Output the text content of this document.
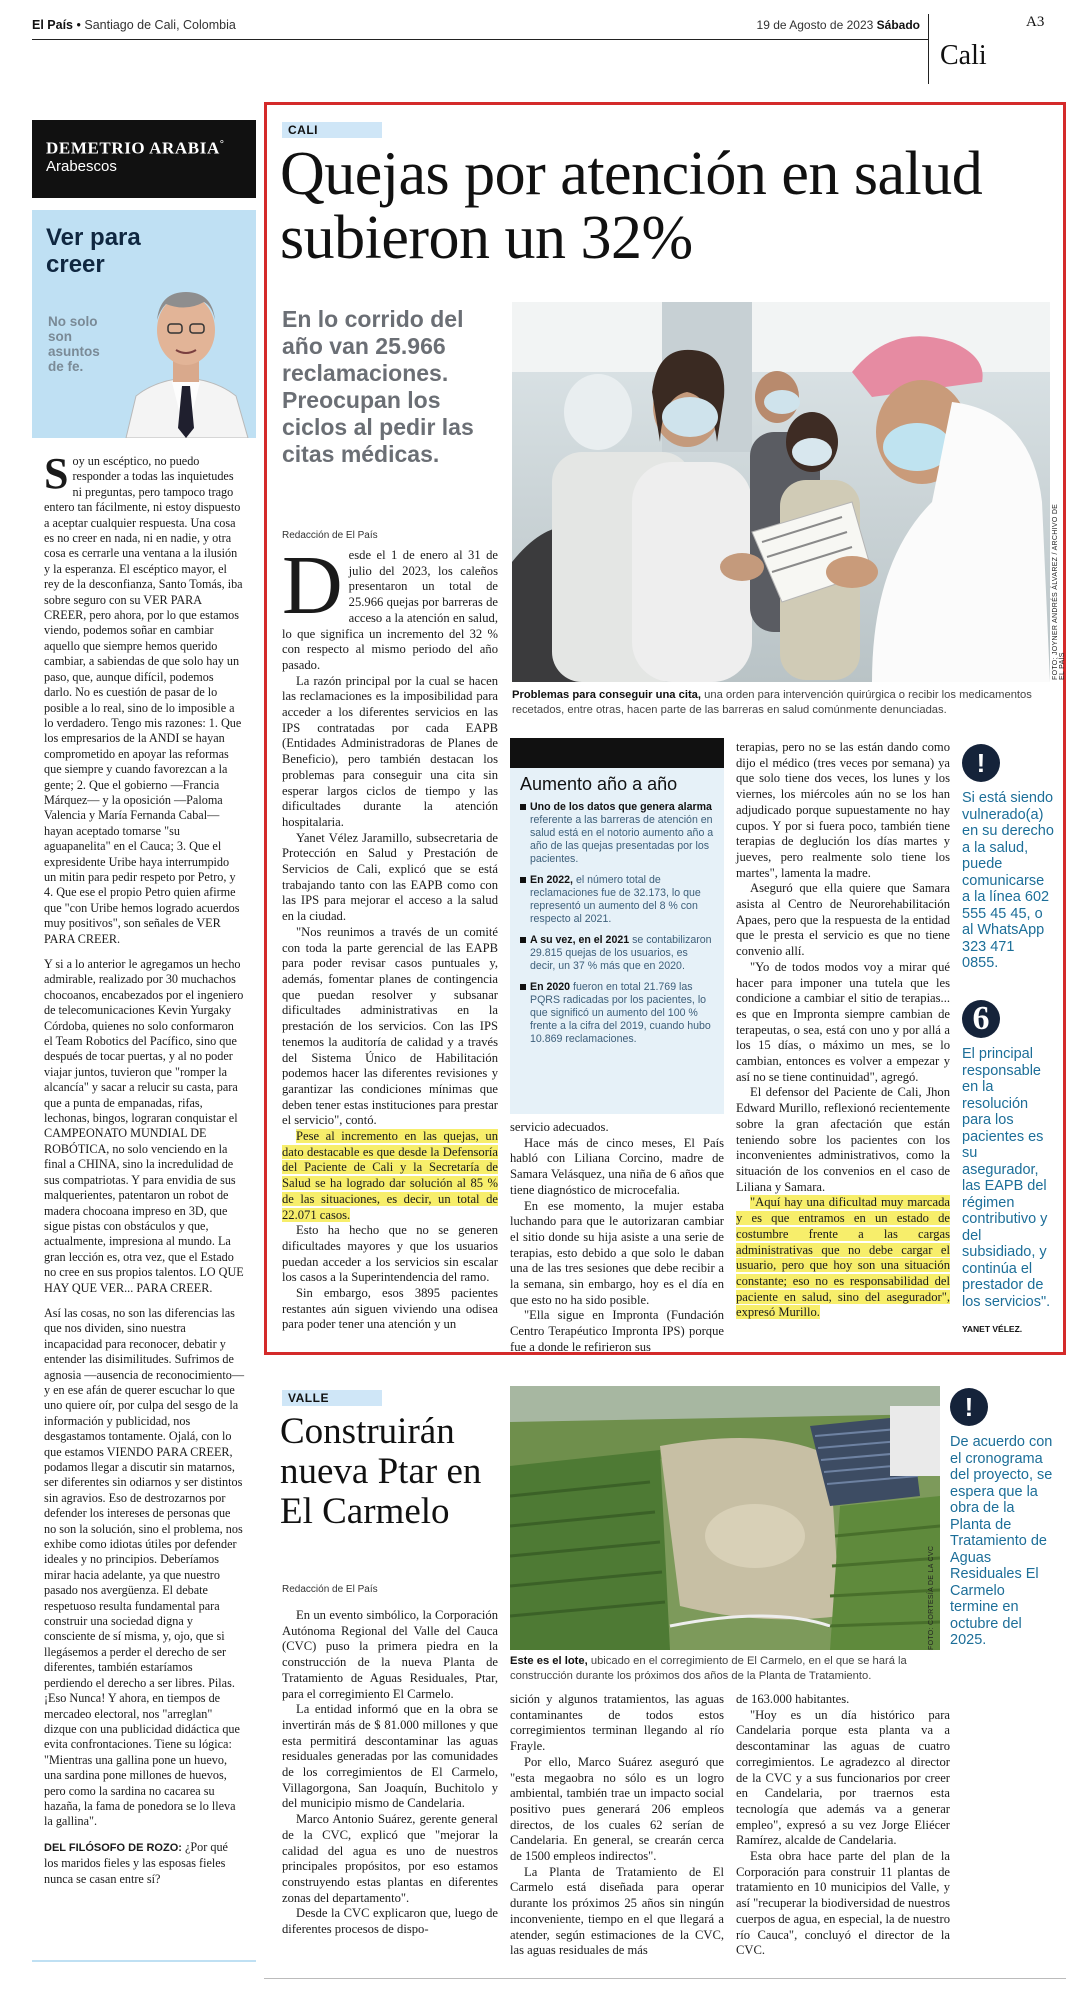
El País • Santiago de Cali, Colombia	19 de Agosto de 2023 Sábado	A3
Cali
DEMETRIO ARABIA°
Arabescos
Ver para creer
No solo son asuntos de fe.

Soy un escéptico, no puedo responder a todas las inquietudes ni preguntas, pero tampoco trago entero tan fácilmente, ni estoy dispuesto a aceptar cualquier respuesta. Una cosa es no creer en nada, ni en nadie, y otra cosa es cerrarle una ventana a la ilusión y la esperanza. El escéptico mayor, el rey de la desconfianza, Santo Tomás, iba sobre seguro con su VER PARA CREER, pero ahora, por lo que estamos viendo, podemos soñar en cambiar aquello que siempre hemos querido cambiar, a sabiendas de que solo hay un paso, que, aunque difícil, podemos darlo. No es cuestión de pasar de lo posible a lo real, sino de lo imposible a lo verdadero. Tengo mis razones: 1. Que los empresarios de la ANDI se hayan comprometido en apoyar las reformas que siempre y cuando favorezcan a la gente; 2. Que el gobierno —Francia Márquez— y la oposición —Paloma Valencia y María Fernanda Cabal— hayan aceptado tomarse "su aguapanelita" en el Cauca; 3. Que el expresidente Uribe haya interrumpido un mitin para pedir respeto por Petro, y 4. Que ese el propio Petro quien afirme que "con Uribe hemos logrado acuerdos muy positivos", son señales de VER PARA CREER.

Y si a lo anterior le agregamos un hecho admirable, realizado por 30 muchachos chocoanos, encabezados por el ingeniero de telecomunicaciones Kevin Yurgaky Córdoba, quienes no solo conformaron el Team Robotics del Pacífico, sino que después de tocar puertas, y al no poder viajar juntos, tuvieron que "romper la alcancía" y sacar a relucir su casta, para que a punta de empanadas, rifas, lechonas, bingos, lograran conquistar el CAMPEONATO MUNDIAL DE ROBÓTICA, no solo venciendo en la final a CHINA, sino la incredulidad de sus compatriotas. Y para envidia de sus malquerientes, patentaron un robot de madera chocoana impreso en 3D, que sigue pistas con obstáculos y que, actualmente, impresiona al mundo. La gran lección es, otra vez, que el Estado no cree en sus propios talentos. LO QUE HAY QUE VER... PARA CREER.

Así las cosas, no son las diferencias las que nos dividen, sino nuestra incapacidad para reconocer, debatir y entender las disimilitudes. Sufrimos de agnosia —ausencia de reconocimiento— y en ese afán de querer escuchar lo que uno quiere oír, por culpa del sesgo de la información y publicidad, nos desgastamos tontamente. Ojalá, con lo que estamos VIENDO PARA CREER, podamos llegar a discutir sin matarnos, ser diferentes sin odiarnos y ser distintos sin agravios. Eso de destrozarnos por defender los intereses de personas que no son la solución, sino el problema, nos exhibe como idiotas útiles por defender ideales y no principios. Deberíamos mirar hacia adelante, ya que nuestro pasado nos avergüenza. El debate respetuoso resulta fundamental para construir una sociedad digna y consciente de sí misma, y, ojo, que si llegásemos a perder el derecho de ser diferentes, también estaríamos perdiendo el derecho a ser libres. Pilas. ¡Eso Nunca! Y ahora, en tiempos de mercadeo electoral, nos "arreglan" dizque con una publicidad didáctica que evita confrontaciones. Tiene su lógica: "Mientras una gallina pone un huevo, una sardina pone millones de huevos, pero como la sardina no cacarea su hazaña, la fama de ponedora se lo lleva la gallina".

DEL FILÓSOFO DE ROZO: ¿Por qué los maridos fieles y las esposas fieles nunca se casan entre sí?

CALI
Quejas por atención en salud subieron un 32%
En lo corrido del año van 25.966 reclamaciones. Preocupan los ciclos al pedir las citas médicas.
FOTO: JOYNER ANDRÉS ÁLVAREZ / ARCHIVO DE EL PAÍS
Problemas para conseguir una cita, una orden para intervención quirúrgica o recibir los medicamentos recetados, entre otras, hacen parte de las barreras en salud comúnmente denunciadas.
Redacción de El País

Desde el 1 de enero al 31 de julio del 2023, los caleños presentaron un total de 25.966 quejas por barreras de acceso a la atención en salud, lo que significa un incremento del 32 % con respecto al mismo periodo del año pasado.

La razón principal por la cual se hacen las reclamaciones es la imposibilidad para acceder a los diferentes servicios en las IPS contratadas por cada EAPB (Entidades Administradoras de Planes de Beneficio), pero también destacan los problemas para conseguir una cita sin esperar largos ciclos de tiempo y las dificultades durante la atención hospitalaria.

Yanet Vélez Jaramillo, subsecretaria de Protección en Salud y Prestación de Servicios de Cali, explicó que se está trabajando tanto con las EAPB como con las IPS para mejorar el acceso a la salud en la ciudad.

"Nos reunimos a través de un comité con toda la parte gerencial de las EAPB para poder revisar casos puntuales y, además, fomentar planes de contingencia que puedan resolver y subsanar dificultades administrativas en la prestación de los servicios. Con las IPS tenemos la auditoría de calidad y a través del Sistema Único de Habilitación podemos hacer las diferentes revisiones y garantizar las condiciones mínimas que deben tener estas instituciones para prestar el servicio", contó.

Pese al incremento en las quejas, un dato destacable es que desde la Defensoría del Paciente de Cali y la Secretaría de Salud se ha logrado dar solución al 85 % de las situaciones, es decir, un total de 22.071 casos.

Esto ha hecho que no se generen dificultades mayores y que los usuarios puedan acceder a los servicios sin escalar los casos a la Superintendencia del ramo.

Sin embargo, esos 3895 pacientes restantes aún siguen viviendo una odisea para poder tener una atención y un

Aumento año a año
Uno de los datos que genera alarma referente a las barreras de atención en salud está en el notorio aumento año a año de las quejas presentadas por los pacientes.
En 2022, el número total de reclamaciones fue de 32.173, lo que representó un aumento del 8 % con respecto al 2021.
A su vez, en el 2021 se contabilizaron 29.815 quejas de los usuarios, es decir, un 37 % más que en 2020.
En 2020 fueron en total 21.769 las PQRS radicadas por los pacientes, lo que significó un aumento del 100 % frente a la cifra del 2019, cuando hubo 10.869 reclamaciones.

servicio adecuados.

Hace más de cinco meses, El País habló con Liliana Corcino, madre de Samara Velásquez, una niña de 6 años que tiene diagnóstico de microcefalia.

En ese momento, la mujer estaba luchando para que le autorizaran cambiar el sitio donde su hija asiste a una serie de terapias, esto debido a que solo le daban una de las tres sesiones que debe recibir a la semana, sin embargo, hoy es el día en que esto no ha sido posible.

"Ella sigue en Impronta (Fundación Centro Terapéutico Impronta IPS) porque fue a donde le refirieron sus

terapias, pero no se las están dando como dijo el médico (tres veces por semana) ya que solo tiene dos veces, los lunes y los viernes, los miércoles aún no se los han adjudicado porque supuestamente no hay cupos. Y por si fuera poco, también tiene terapias de deglución los días martes y jueves, pero realmente solo tiene los martes", lamenta la madre.

Aseguró que ella quiere que Samara asista al Centro de Neurorehabilitación Apaes, pero que la respuesta de la entidad que le presta el servicio es que no tiene convenio allí.

"Yo de todos modos voy a mirar qué hacer para imponer una tutela que les condicione a cambiar el sitio de terapias... es que en Impronta siempre cambian de terapeutas, o sea, está con uno y por allá a los 15 días, o máximo un mes, se lo cambian, entonces es volver a empezar y así no se tiene continuidad", agregó.

El defensor del Paciente de Cali, Jhon Edward Murillo, reflexionó recientemente sobre la gran afectación que están teniendo sobre los pacientes con los inconvenientes administrativos, como la situación de los convenios en el caso de Liliana y Samara.

"Aquí hay una dificultad muy marcada y es que entramos en un estado de costumbre frente a las cargas administrativas que no debe cargar el usuario, pero que hoy son una situación constante; eso no es responsabilidad del paciente en salud, sino del asegurador", expresó Murillo.

!
Si está siendo vulnerado(a) en su derecho a la salud, puede comunicarse a la línea 602 555 45 45, o al WhatsApp 323 471 0855.
6
El principal responsable en la resolución para los pacientes es su asegurador, las EAPB del régimen contributivo y del subsidiado, y continúa el prestador de los servicios".
YANET VÉLEZ.
VALLE
Construirán nueva Ptar en El Carmelo
Redacción de El País	FOTO: CORTESÍA DE LA CVC
Este es el lote, ubicado en el corregimiento de El Carmelo, en el que se hará la construcción durante los próximos dos años de la Planta de Tratamiento.
!
De acuerdo con el cronograma del proyecto, se espera que la obra de la Planta de Tratamiento de Aguas Residuales El Carmelo termine en octubre del 2025.

En un evento simbólico, la Corporación Autónoma Regional del Valle del Cauca (CVC) puso la primera piedra en la construcción de la nueva Planta de Tratamiento de Aguas Residuales, Ptar, para el corregimiento El Carmelo.

La entidad informó que en la obra se invertirán más de $ 81.000 millones y que esta permitirá descontaminar las aguas residuales generadas por las comunidades de los corregimientos de El Carmelo, Villagorgona, San Joaquín, Buchitolo y del municipio mismo de Candelaria.

Marco Antonio Suárez, gerente general de la CVC, explicó que "mejorar la calidad del agua es uno de nuestros principales propósitos, por eso estamos construyendo estas plantas en diferentes zonas del departamento".

Desde la CVC explicaron que, luego de diferentes procesos de dispo-

sición y algunos tratamientos, las aguas contaminantes de todos estos corregimientos terminan llegando al río Frayle.

Por ello, Marco Suárez aseguró que "esta megaobra no sólo es un logro ambiental, también trae un impacto social positivo pues generará 206 empleos directos, de los cuales 62 serían de Candelaria. En general, se crearán cerca de 1500 empleos indirectos".

La Planta de Tratamiento de El Carmelo está diseñada para operar durante los próximos 25 años sin ningún inconveniente, tiempo en el que llegará a atender, según estimaciones de la CVC, las aguas residuales de más

de 163.000 habitantes.

"Hoy es un día histórico para Candelaria porque esta planta va a descontaminar las aguas de cuatro corregimientos. Le agradezco al director de la CVC y a sus funcionarios por creer en Candelaria, por traernos esta tecnología que además va a generar empleo", expresó a su vez Jorge Eliécer Ramírez, alcalde de Candelaria.

Esta obra hace parte del plan de la Corporación para construir 11 plantas de tratamiento en 10 municipios del Valle, y así "recuperar la biodiversidad de nuestros cuerpos de agua, en especial, la de nuestro río Cauca", concluyó el director de la CVC.
